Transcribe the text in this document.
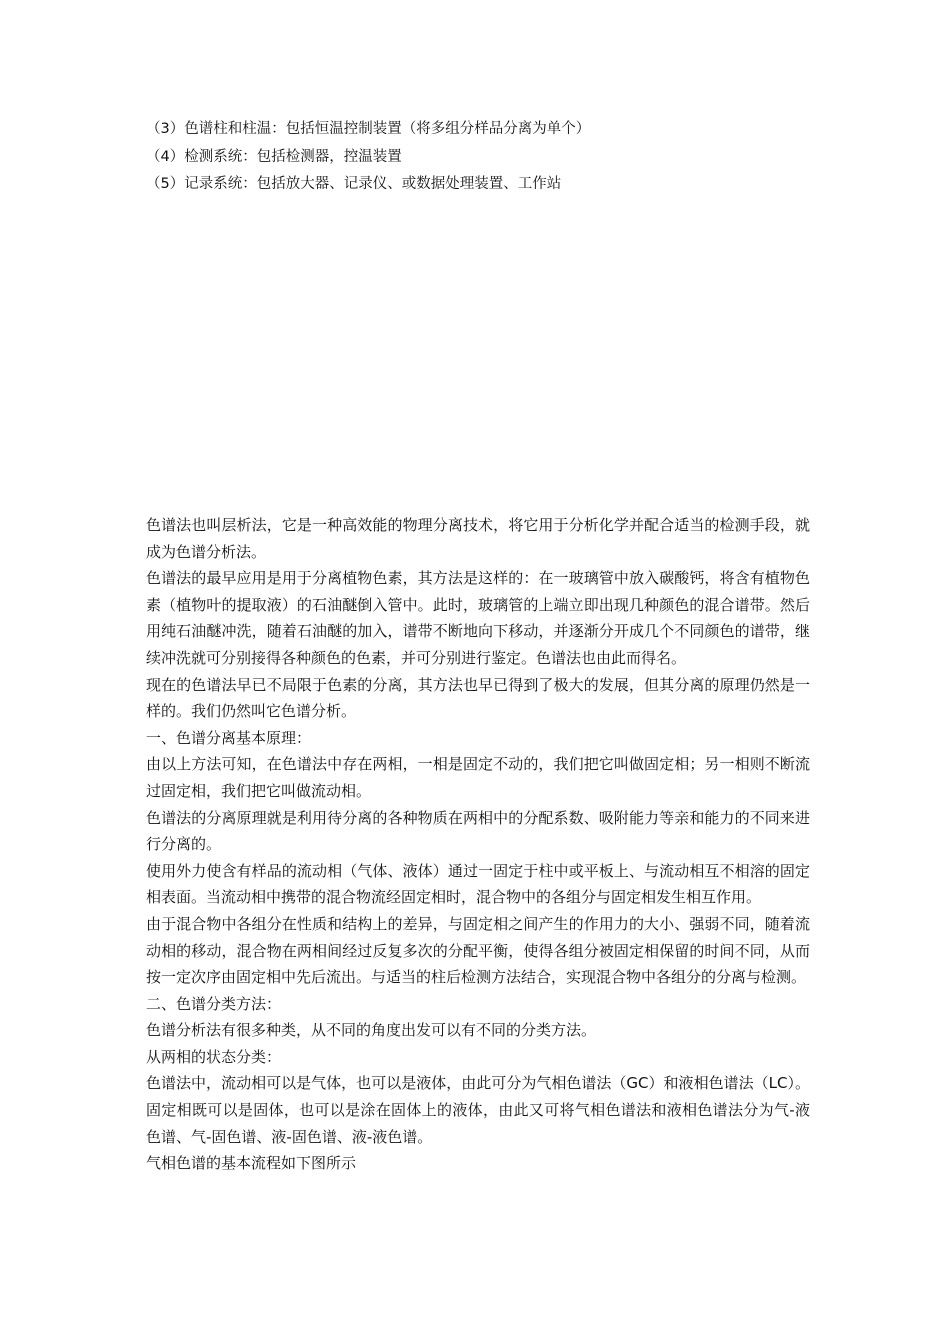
（3）色谱柱和柱温：包括恒温控制装置（将多组分样品分离为单个）

（4）检测系统：包括检测器，控温装置

（5）记录系统：包括放大器、记录仪、或数据处理装置、工作站

色谱法也叫层析法，它是一种高效能的物理分离技术，将它用于分析化学并配合适当的检测手段，就成为色谱分析法。

色谱法的最早应用是用于分离植物色素，其方法是这样的：在一玻璃管中放入碳酸钙，将含有植物色素（植物叶的提取液）的石油醚倒入管中。此时，玻璃管的上端立即出现几种颜色的混合谱带。然后用纯石油醚冲洗，随着石油醚的加入，谱带不断地向下移动，并逐渐分开成几个不同颜色的谱带，继续冲洗就可分别接得各种颜色的色素，并可分别进行鉴定。色谱法也由此而得名。

现在的色谱法早已不局限于色素的分离，其方法也早已得到了极大的发展，但其分离的原理仍然是一样的。我们仍然叫它色谱分析。

一、色谱分离基本原理：

由以上方法可知，在色谱法中存在两相，一相是固定不动的，我们把它叫做固定相；另一相则不断流过固定相，我们把它叫做流动相。

色谱法的分离原理就是利用待分离的各种物质在两相中的分配系数、吸附能力等亲和能力的不同来进行分离的。

使用外力使含有样品的流动相（气体、液体）通过一固定于柱中或平板上、与流动相互不相溶的固定相表面。当流动相中携带的混合物流经固定相时，混合物中的各组分与固定相发生相互作用。

由于混合物中各组分在性质和结构上的差异，与固定相之间产生的作用力的大小、强弱不同，随着流动相的移动，混合物在两相间经过反复多次的分配平衡，使得各组分被固定相保留的时间不同，从而按一定次序由固定相中先后流出。与适当的柱后检测方法结合，实现混合物中各组分的分离与检测。

二、色谱分类方法：

色谱分析法有很多种类，从不同的角度出发可以有不同的分类方法。

从两相的状态分类：

色谱法中，流动相可以是气体，也可以是液体，由此可分为气相色谱法（GC）和液相色谱法（LC）。固定相既可以是固体，也可以是涂在固体上的液体，由此又可将气相色谱法和液相色谱法分为气-液色谱、气-固色谱、液-固色谱、液-液色谱。

气相色谱的基本流程如下图所示
